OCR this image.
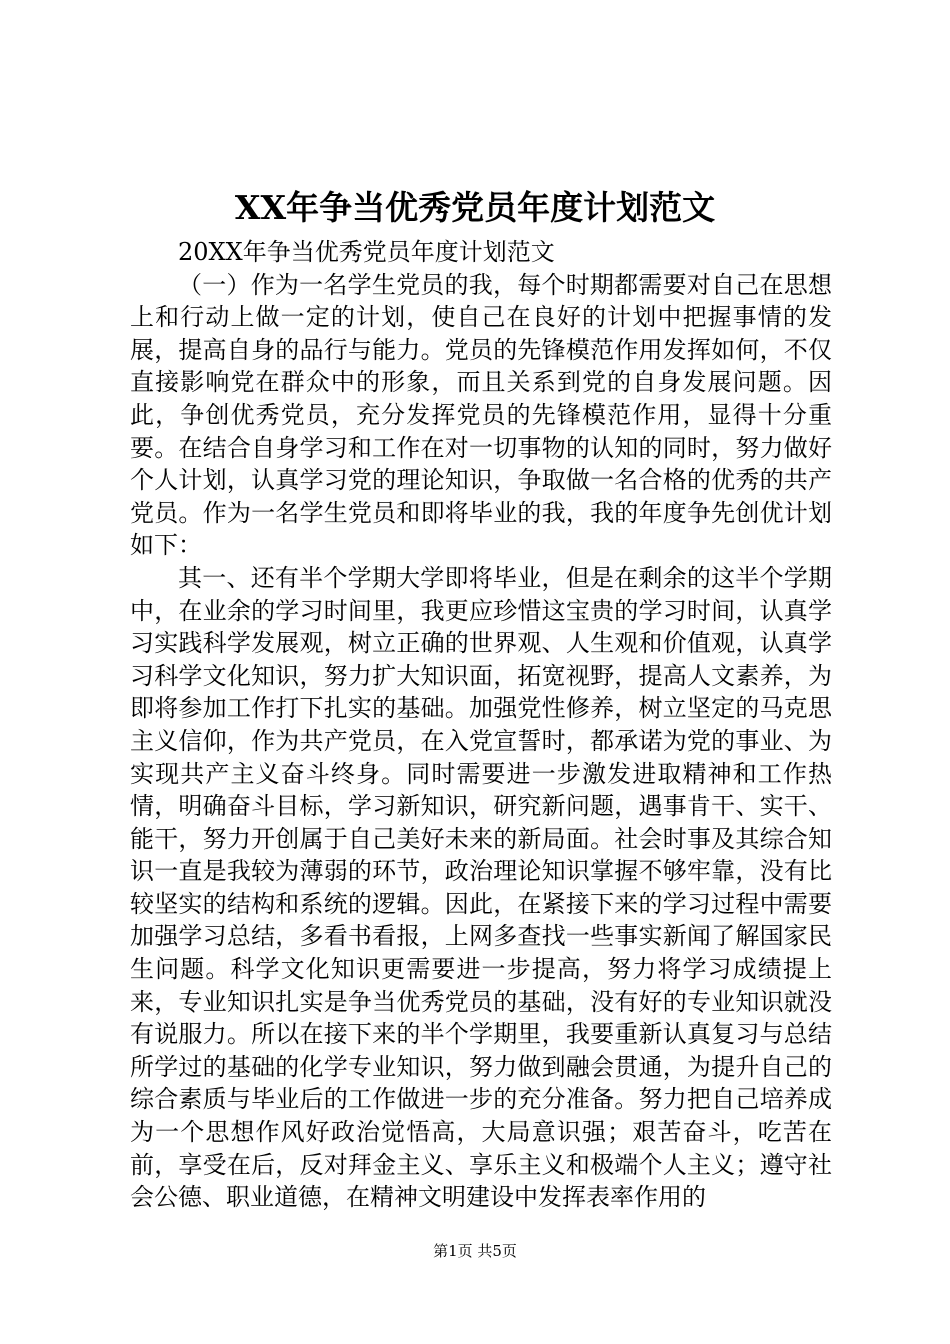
XX年争当优秀党员年度计划范文

20XX年争当优秀党员年度计划范文

（一）作为一名学生党员的我，每个时期都需要对自己在思想上和行动上做一定的计划，使自己在良好的计划中把握事情的发展，提高自身的品行与能力。党员的先锋模范作用发挥如何，不仅直接影响党在群众中的形象，而且关系到党的自身发展问题。因此，争创优秀党员，充分发挥党员的先锋模范作用，显得十分重要。在结合自身学习和工作在对一切事物的认知的同时，努力做好个人计划，认真学习党的理论知识，争取做一名合格的优秀的共产党员。作为一名学生党员和即将毕业的我，我的年度争先创优计划如下：

其一、还有半个学期大学即将毕业，但是在剩余的这半个学期中，在业余的学习时间里，我更应珍惜这宝贵的学习时间，认真学习实践科学发展观，树立正确的世界观、人生观和价值观，认真学习科学文化知识，努力扩大知识面，拓宽视野，提高人文素养，为即将参加工作打下扎实的基础。加强党性修养，树立坚定的马克思主义信仰，作为共产党员，在入党宣誓时，都承诺为党的事业、为实现共产主义奋斗终身。同时需要进一步激发进取精神和工作热情，明确奋斗目标，学习新知识，研究新问题，遇事肯干、实干、能干，努力开创属于自己美好未来的新局面。社会时事及其综合知识一直是我较为薄弱的环节，政治理论知识掌握不够牢靠，没有比较坚实的结构和系统的逻辑。因此，在紧接下来的学习过程中需要加强学习总结，多看书看报，上网多查找一些事实新闻了解国家民生问题。科学文化知识更需要进一步提高，努力将学习成绩提上来，专业知识扎实是争当优秀党员的基础，没有好的专业知识就没有说服力。所以在接下来的半个学期里，我要重新认真复习与总结所学过的基础的化学专业知识，努力做到融会贯通，为提升自己的综合素质与毕业后的工作做进一步的充分准备。努力把自己培养成为一个思想作风好政治觉悟高，大局意识强；艰苦奋斗，吃苦在前，享受在后，反对拜金主义、享乐主义和极端个人主义；遵守社会公德、职业道德，在精神文明建设中发挥表率作用的

第1页 共5页
